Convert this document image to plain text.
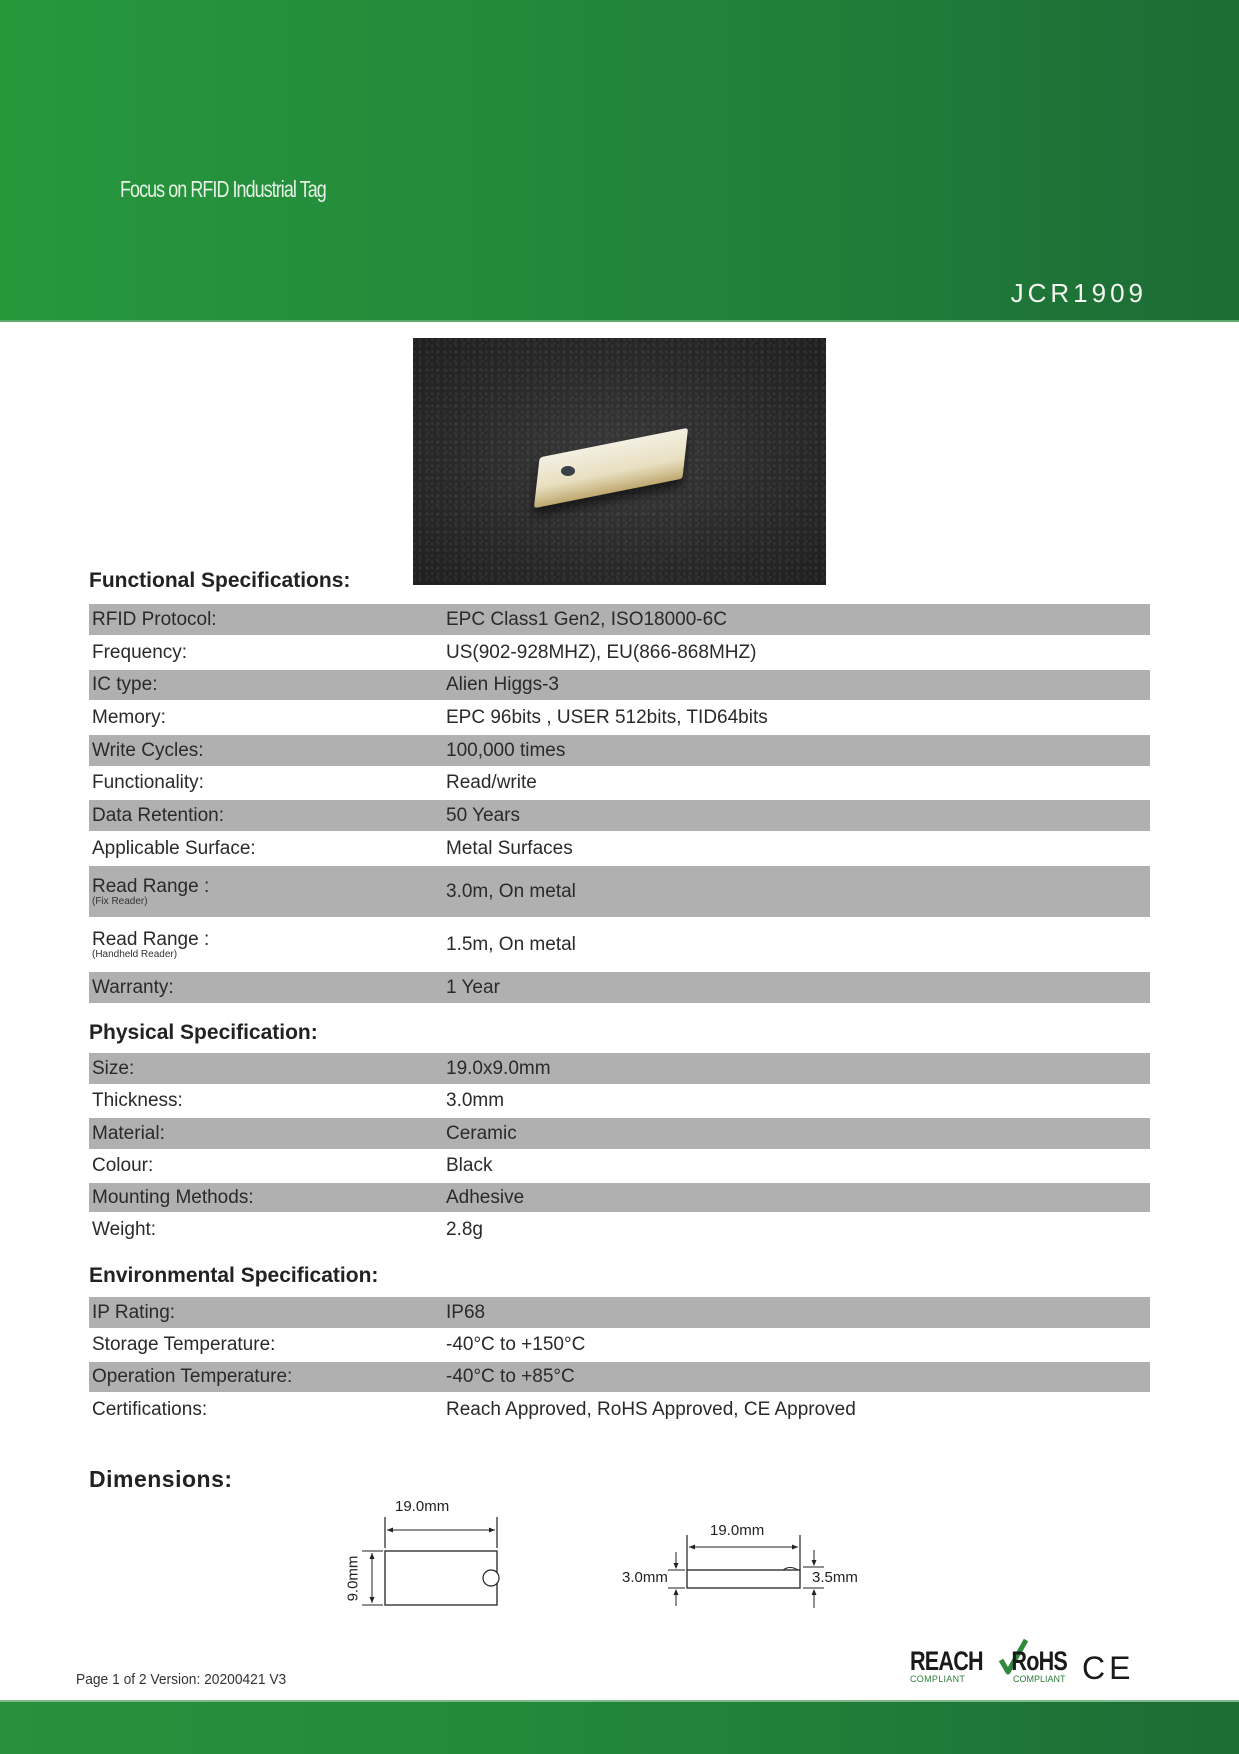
Focus on RFID Industrial Tag
JCR1909
Functional Specifications:
RFID Protocol:	EPC Class1 Gen2, ISO18000-6C
Frequency:	US(902-928MHZ), EU(866-868MHZ)
IC type:	Alien Higgs-3
Memory:	EPC 96bits , USER 512bits, TID64bits
Write Cycles:	100,000 times
Functionality:	Read/write
Data Retention:	50 Years
Applicable Surface:	Metal Surfaces
Read Range :
(Fix Reader)	3.0m, On metal
Read Range :
(Handheld Reader)	1.5m, On metal
Warranty:	1 Year
Physical Specification:
Size:	19.0x9.0mm
Thickness:	3.0mm
Material:	Ceramic
Colour:	Black
Mounting Methods:	Adhesive
Weight:	2.8g
Environmental Specification:
IP Rating:	IP68
Storage Temperature:	-40°C to +150°C
Operation Temperature:	-40°C to +85°C
Certifications:	Reach Approved, RoHS Approved, CE Approved
Dimensions:
19.0mm
9.0mm
19.0mm
3.0mm	3.5mm
Page 1 of 2 Version: 20200421 V3
REACH
COMPLIANT
RoHS
COMPLIANT CE
